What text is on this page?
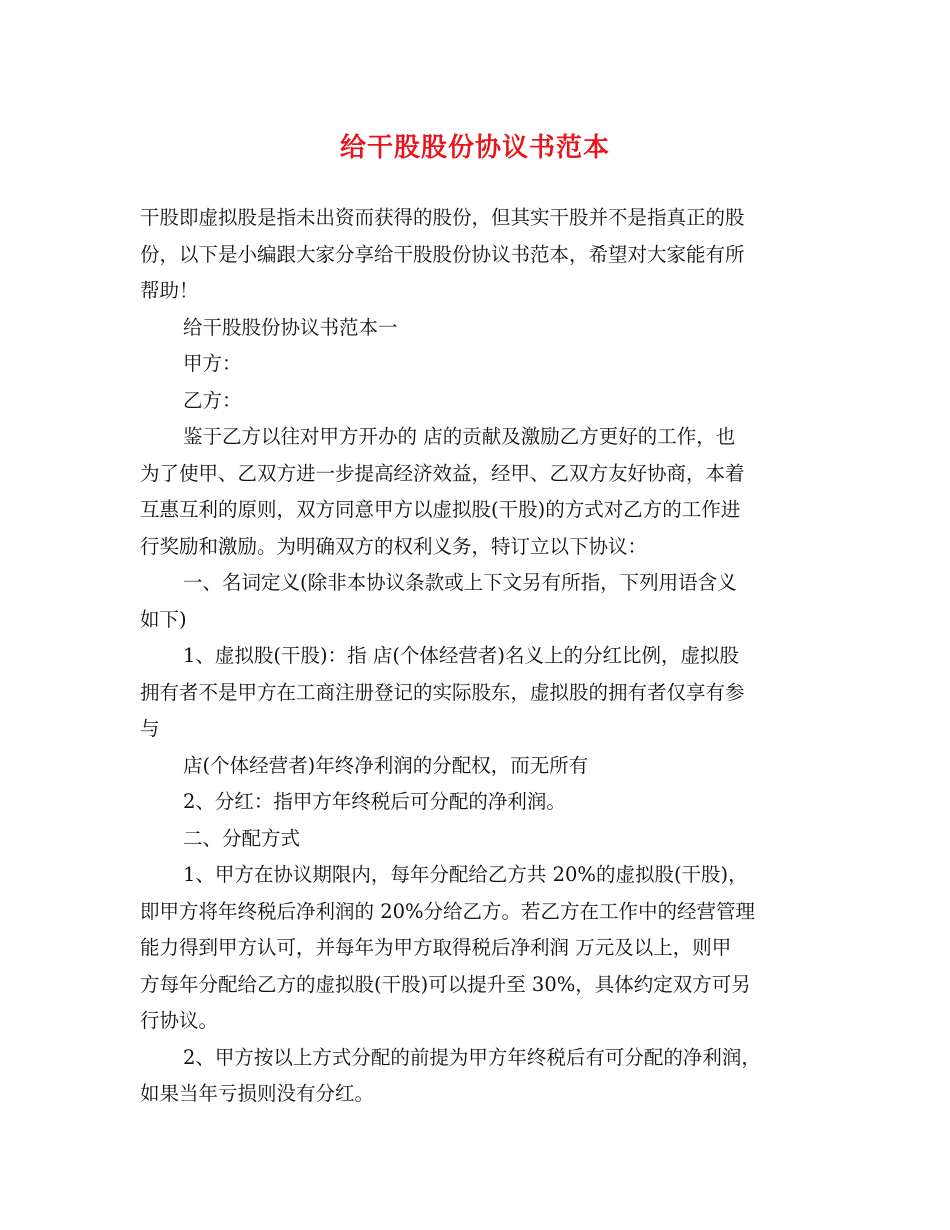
给干股股份协议书范本
干股即虚拟股是指未出资而获得的股份，但其实干股并不是指真正的股
份，以下是小编跟大家分享给干股股份协议书范本，希望对大家能有所
帮助！
给干股股份协议书范本一
甲方：
乙方：
鉴于乙方以往对甲方开办的 店的贡献及激励乙方更好的工作，也
为了使甲、乙双方进一步提高经济效益，经甲、乙双方友好协商，本着
互惠互利的原则，双方同意甲方以虚拟股(干股)的方式对乙方的工作进
行奖励和激励。为明确双方的权利义务，特订立以下协议：
一、名词定义(除非本协议条款或上下文另有所指，下列用语含义
如下)
1、虚拟股(干股)：指 店(个体经营者)名义上的分红比例，虚拟股
拥有者不是甲方在工商注册登记的实际股东，虚拟股的拥有者仅享有参
与
店(个体经营者)年终净利润的分配权，而无所有
2、分红：指甲方年终税后可分配的净利润。
二、分配方式
1、甲方在协议期限内，每年分配给乙方共 20%的虚拟股(干股)，
即甲方将年终税后净利润的 20%分给乙方。若乙方在工作中的经营管理
能力得到甲方认可，并每年为甲方取得税后净利润 万元及以上，则甲
方每年分配给乙方的虚拟股(干股)可以提升至 30%，具体约定双方可另
行协议。
2、甲方按以上方式分配的前提为甲方年终税后有可分配的净利润，
如果当年亏损则没有分红。
